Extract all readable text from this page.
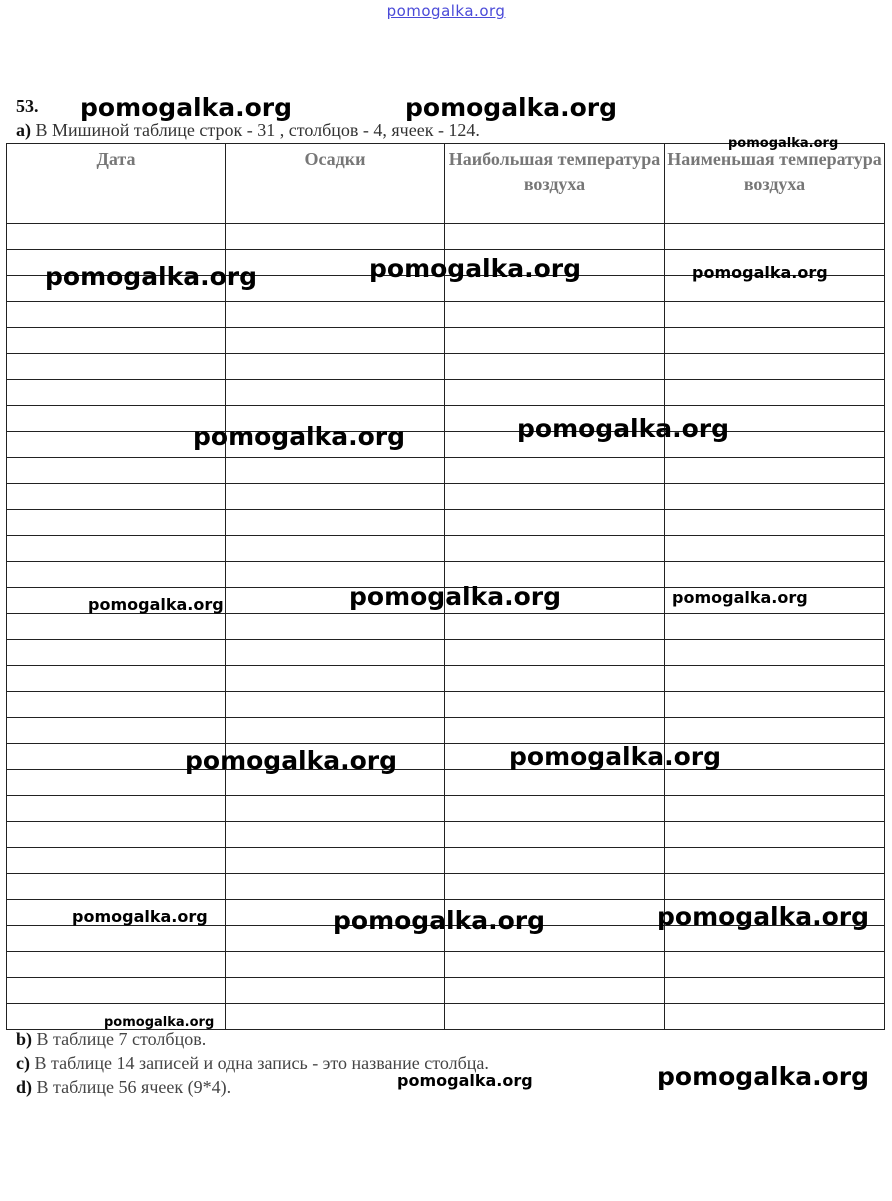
pomogalka.org
53.
a) В Мишиной таблице строк - 31 , столбцов - 4, ячеек - 124.
Дата	Осадки	Наибольшая температура воздуха	Наименьшая температура воздуха

b) В таблице 7 столбцов.
c) В таблице 14 записей и одна запись - это название столбца.
d) В таблице 56 ячеек (9*4).
pomogalka.org	pomogalka.org
pomogalka.org
pomogalka.org	pomogalka.org	pomogalka.org
pomogalka.org	pomogalka.org
pomogalka.org	pomogalka.org	pomogalka.org
pomogalka.org	pomogalka.org
pomogalka.org	pomogalka.org	pomogalka.org
pomogalka.org
pomogalka.org	pomogalka.org
